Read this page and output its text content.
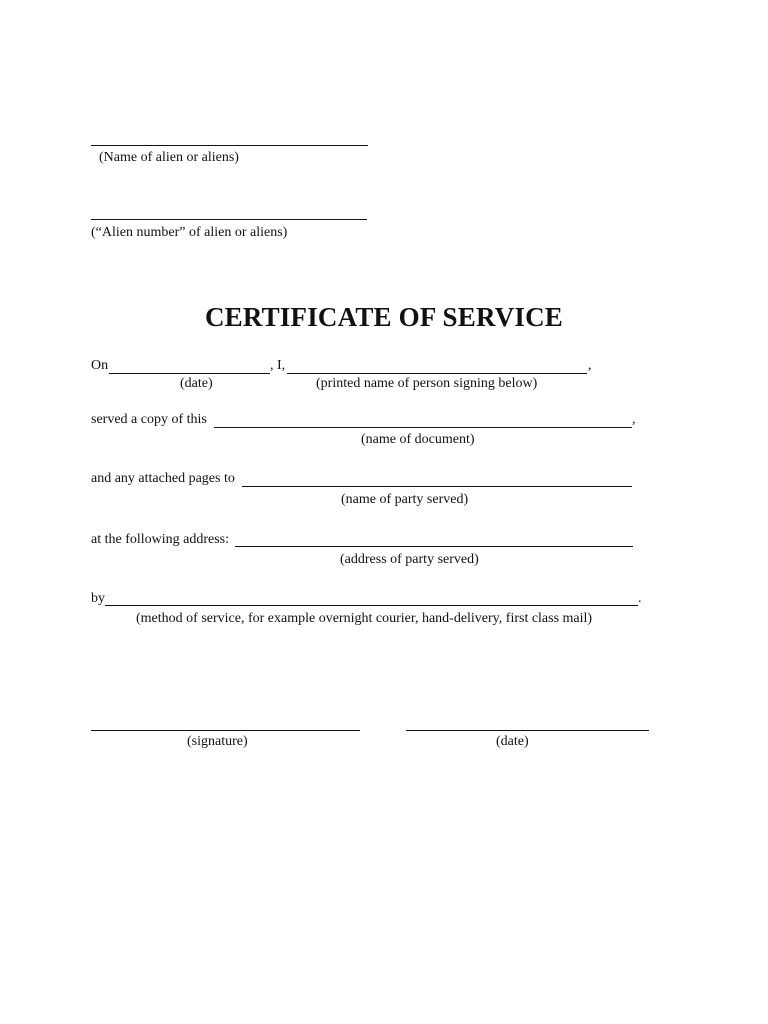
(Name of alien or aliens)
(“Alien number” of alien or aliens)
CERTIFICATE OF SERVICE
On	, I,	,
(date)	(printed name of person signing below)
served a copy of this	,
(name of document)
and any attached pages to
(name of party served)
at the following address:
(address of party served)
by	.
(method of service, for example overnight courier, hand-delivery, first class mail)
(signature)	(date)
